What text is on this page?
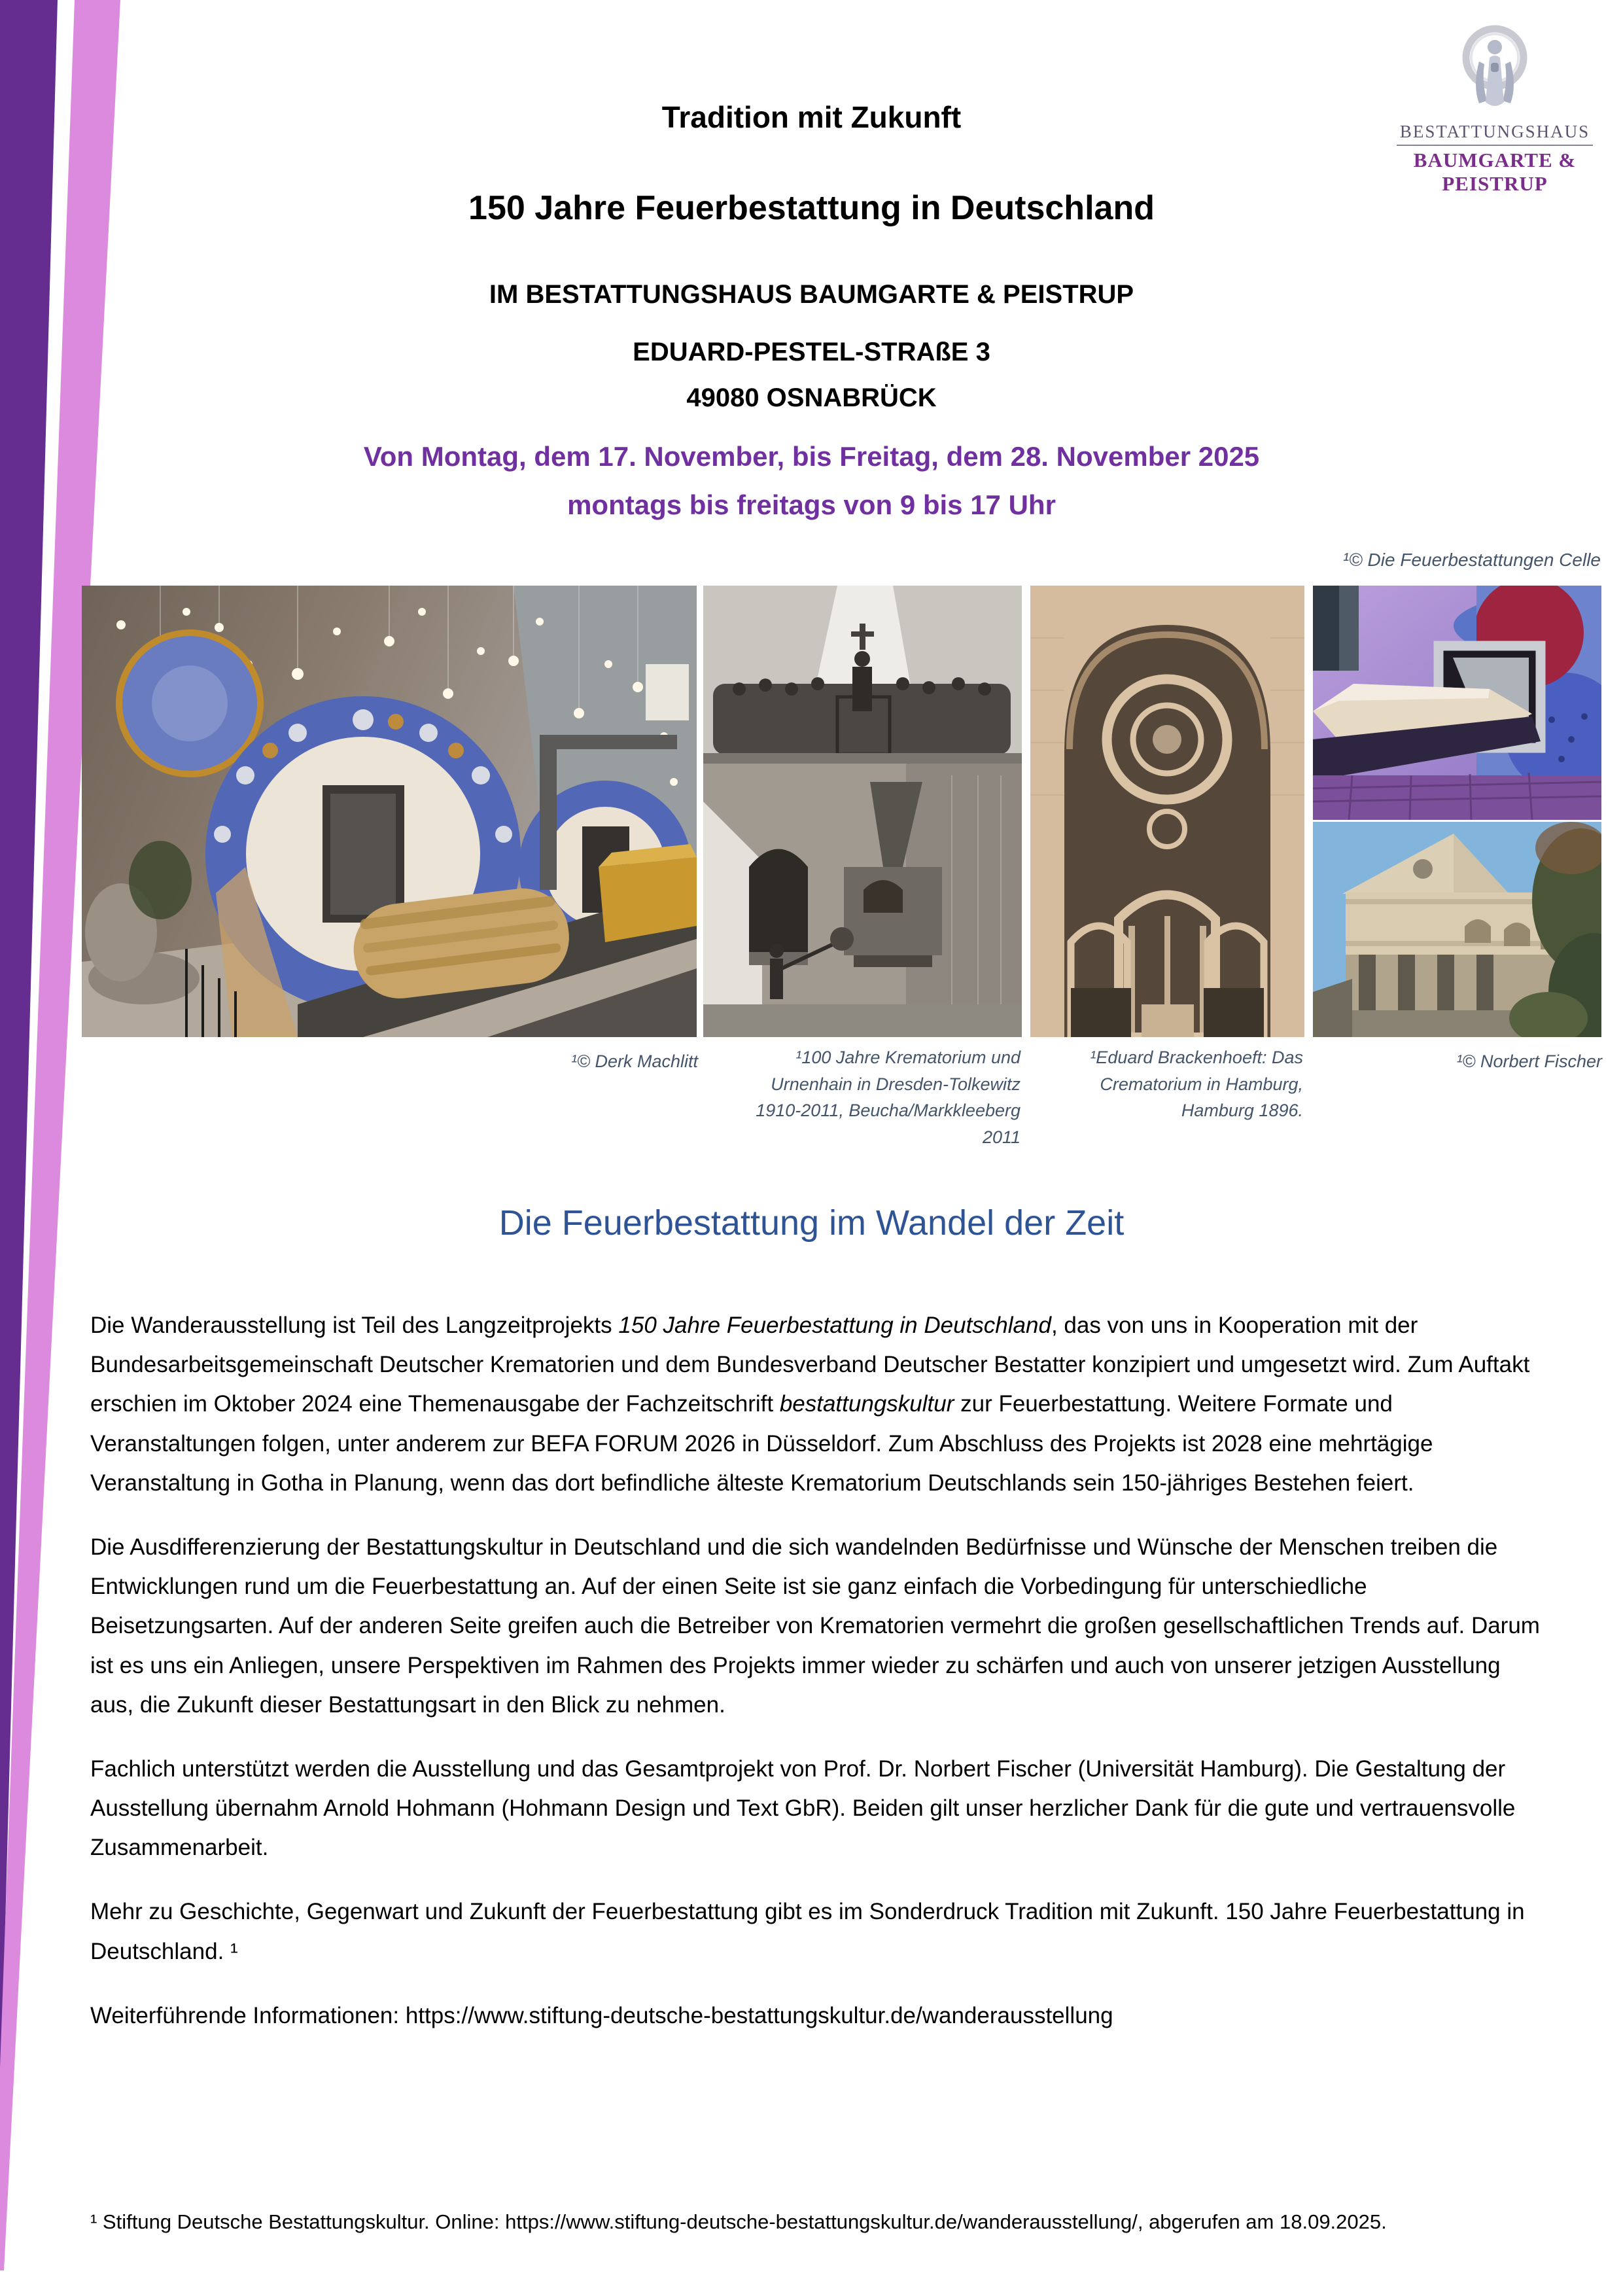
BESTATTUNGSHAUS
BAUMGARTE & PEISTRUP
Tradition mit Zukunft
150 Jahre Feuerbestattung in Deutschland
IM BESTATTUNGSHAUS BAUMGARTE & PEISTRUP
EDUARD-PESTEL-STRAßE 3
49080 OSNABRÜCK
Von Montag, dem 17. November, bis Freitag, dem 28. November 2025
montags bis freitags von 9 bis 17 Uhr
¹© Die Feuerbestattungen Celle
¹© Derk Machlitt	¹100 Jahre Krematorium und
Urnenhain in Dresden-Tolkewitz
1910-2011, Beucha/Markkleeberg
2011
¹Eduard Brackenhoeft: Das
Crematorium in Hamburg,
Hamburg 1896.
¹© Norbert Fischer
Die Feuerbestattung im Wandel der Zeit

Die Wanderausstellung ist Teil des Langzeitprojekts 150 Jahre Feuerbestattung in Deutschland, das von uns in Kooperation mit der Bundesarbeitsgemeinschaft Deutscher Krematorien und dem Bundesverband Deutscher Bestatter konzipiert und umgesetzt wird. Zum Auftakt erschien im Oktober 2024 eine Themenausgabe der Fachzeitschrift bestattungskultur zur Feuerbestattung. Weitere Formate und Veranstaltungen folgen, unter anderem zur BEFA FORUM 2026 in Düsseldorf. Zum Abschluss des Projekts ist 2028 eine mehrtägige Veranstaltung in Gotha in Planung, wenn das dort befindliche älteste Krematorium Deutschlands sein 150-jähriges Bestehen feiert.

Die Ausdifferenzierung der Bestattungskultur in Deutschland und die sich wandelnden Bedürfnisse und Wünsche der Menschen treiben die Entwicklungen rund um die Feuerbestattung an. Auf der einen Seite ist sie ganz einfach die Vorbedingung für unterschiedliche Beisetzungsarten. Auf der anderen Seite greifen auch die Betreiber von Krematorien vermehrt die großen gesellschaftlichen Trends auf. Darum ist es uns ein Anliegen, unsere Perspektiven im Rahmen des Projekts immer wieder zu schärfen und auch von unserer jetzigen Ausstellung aus, die Zukunft dieser Bestattungsart in den Blick zu nehmen.

Fachlich unterstützt werden die Ausstellung und das Gesamtprojekt von Prof. Dr. Norbert Fischer (Universität Hamburg). Die Gestaltung der Ausstellung übernahm Arnold Hohmann (Hohmann Design und Text GbR). Beiden gilt unser herzlicher Dank für die gute und vertrauensvolle Zusammenarbeit.

Mehr zu Geschichte, Gegenwart und Zukunft der Feuerbestattung gibt es im Sonderdruck Tradition mit Zukunft. 150 Jahre Feuerbestattung in Deutschland. ¹

Weiterführende Informationen: https://www.stiftung-deutsche-bestattungskultur.de/wanderausstellung

¹ Stiftung Deutsche Bestattungskultur. Online: https://www.stiftung-deutsche-bestattungskultur.de/wanderausstellung/, abgerufen am 18.09.2025.
